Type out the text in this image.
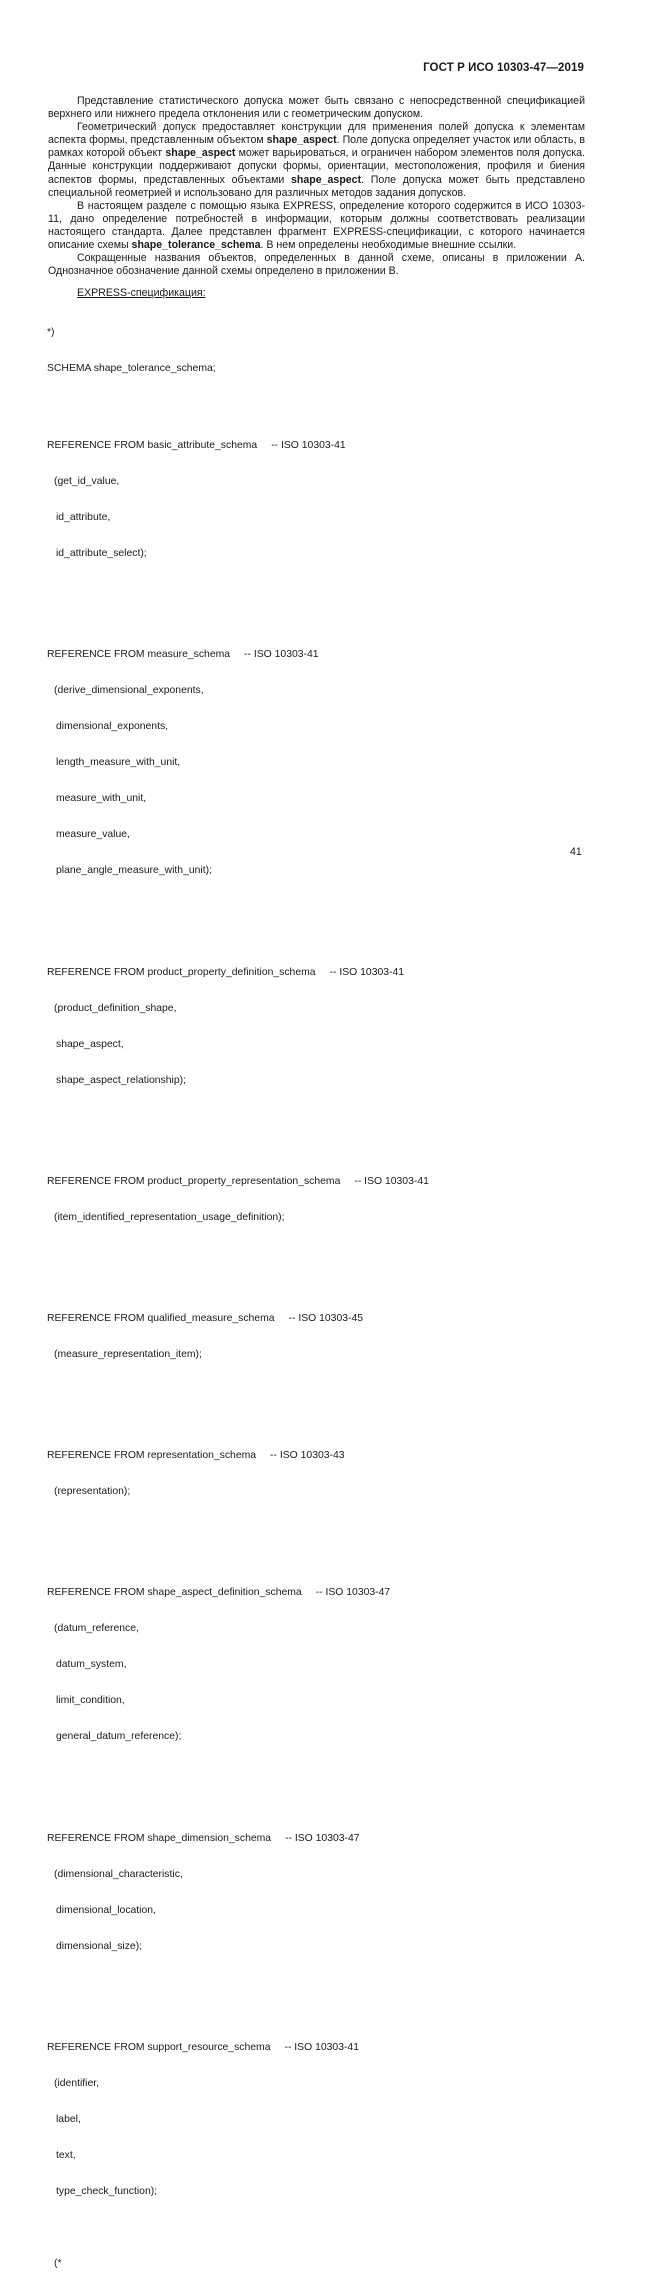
ГОСТ Р ИСО 10303-47—2019

Представление статистического допуска может быть связано с непосредственной спецификацией верхнего или нижнего предела отклонения или с геометрическим допуском.

Геометрический допуск предоставляет конструкции для применения полей допуска к элементам аспекта формы, представленным объектом shape_aspect. Поле допуска определяет участок или область, в рамках которой объект shape_aspect может варьироваться, и ограничен набором элементов поля допуска. Данные конструкции поддерживают допуски формы, ориентации, местоположения, профиля и биения аспектов формы, представленных объектами shape_aspect. Поле допуска может быть представлено специальной геометрией и использовано для различных методов задания допусков.

В настоящем разделе с помощью языка EXPRESS, определение которого содержится в ИСО 10303-11, дано определение потребностей в информации, которым должны соответствовать реализации настоящего стандарта. Далее представлен фрагмент EXPRESS-спецификации, с которого начинается описание схемы shape_tolerance_schema. В нем определены необходимые внешние ссылки.

Сокращенные названия объектов, определенных в данной схеме, описаны в приложении А. Однозначное обозначение данной схемы определено в приложении В.

EXPRESS-спецификация:

*)

SCHEMA shape_tolerance_schema;

REFERENCE FROM basic_attribute_schema -- ISO 10303-41

(get_id_value,

id_attribute,

id_attribute_select);

REFERENCE FROM measure_schema -- ISO 10303-41

(derive_dimensional_exponents,

dimensional_exponents,

length_measure_with_unit,

measure_with_unit,

measure_value,

plane_angle_measure_with_unit);

REFERENCE FROM product_property_definition_schema -- ISO 10303-41

(product_definition_shape,

shape_aspect,

shape_aspect_relationship);

REFERENCE FROM product_property_representation_schema -- ISO 10303-41

(item_identified_representation_usage_definition);

REFERENCE FROM qualified_measure_schema -- ISO 10303-45

(measure_representation_item);

REFERENCE FROM representation_schema -- ISO 10303-43

(representation);

REFERENCE FROM shape_aspect_definition_schema -- ISO 10303-47

(datum_reference,

datum_system,

limit_condition,

general_datum_reference);

REFERENCE FROM shape_dimension_schema -- ISO 10303-47

(dimensional_characteristic,

dimensional_location,

dimensional_size);

REFERENCE FROM support_resource_schema -- ISO 10303-41

(identifier,

label,

text,

type_check_function);

(*

41
